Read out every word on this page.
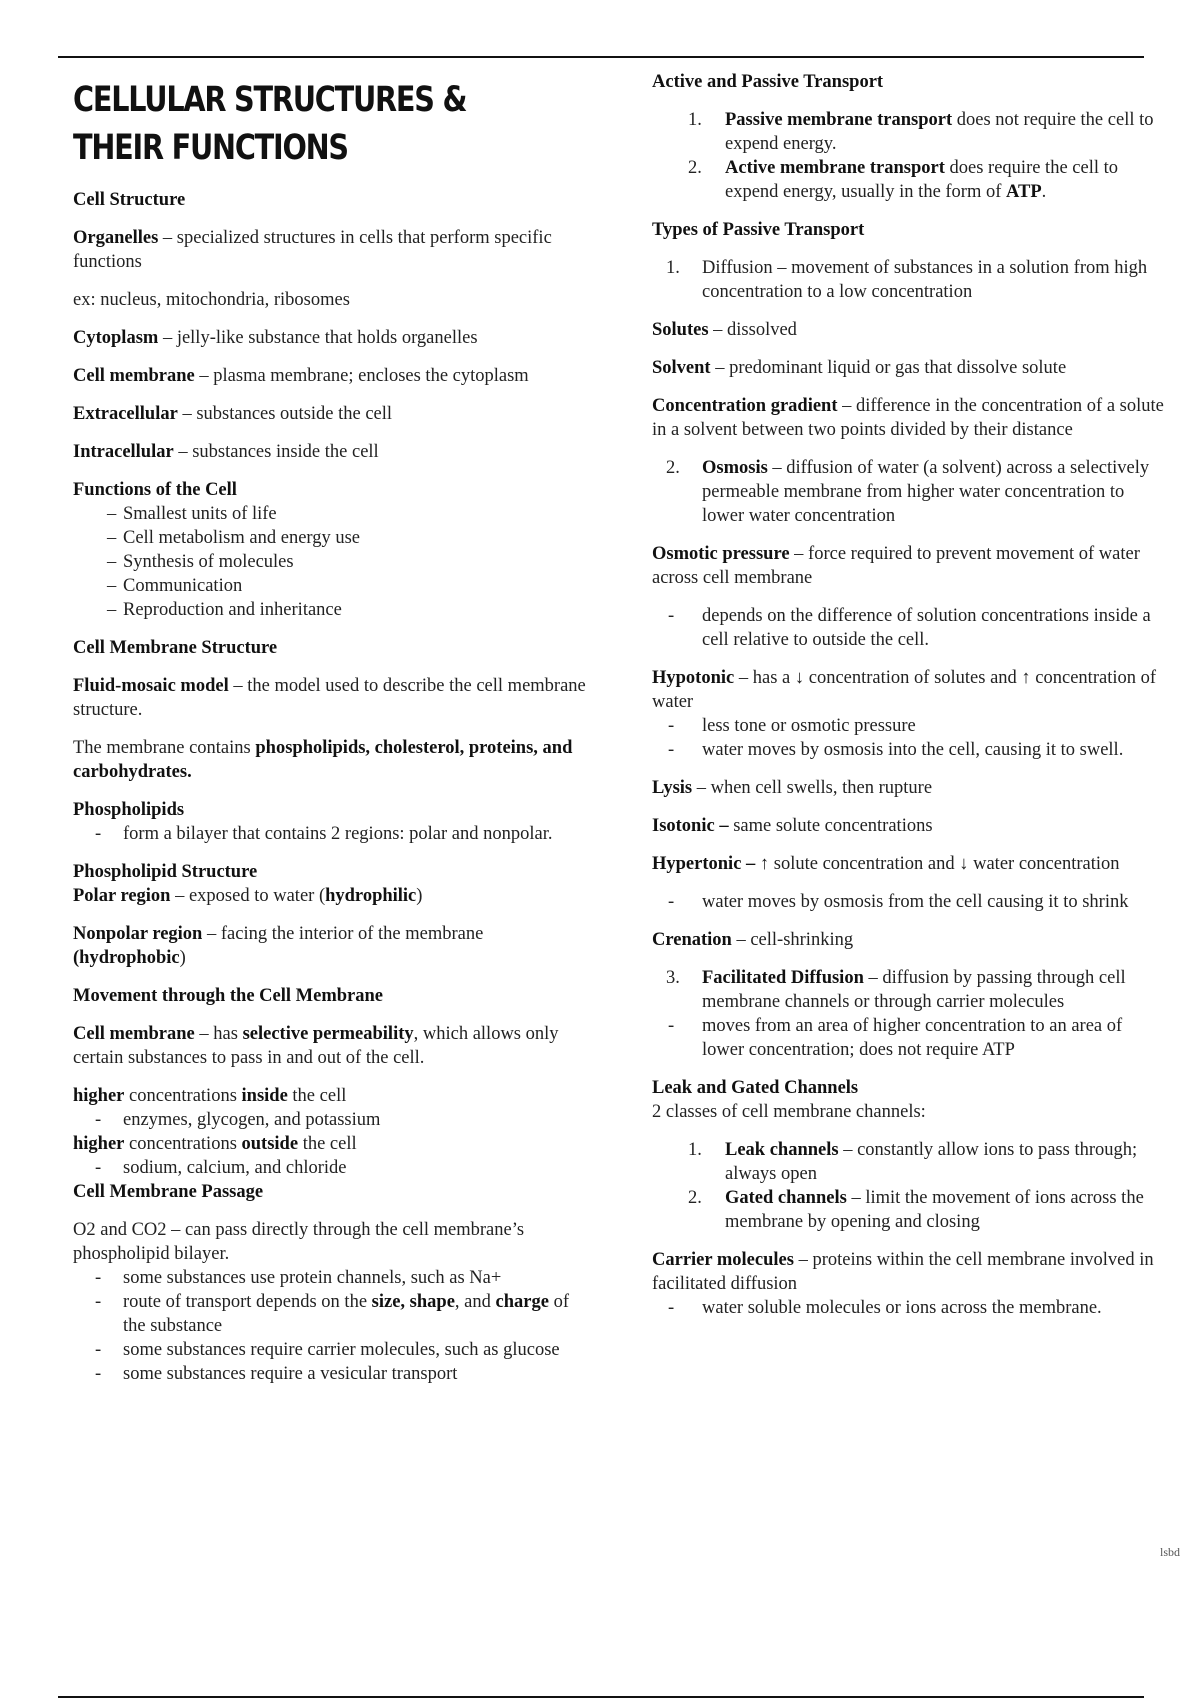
CELLULAR STRUCTURES &
THEIR FUNCTIONS

Cell Structure

Organelles – specialized structures in cells that perform specific functions

ex: nucleus, mitochondria, ribosomes

Cytoplasm – jelly-like substance that holds organelles

Cell membrane – plasma membrane; encloses the cytoplasm

Extracellular – substances outside the cell

Intracellular – substances inside the cell

Functions of the Cell

– Smallest units of life
– Cell metabolism and energy use
– Synthesis of molecules
– Communication
– Reproduction and inheritance

Cell Membrane Structure

Fluid-mosaic model – the model used to describe the cell membrane structure.

The membrane contains phospholipids, cholesterol, proteins, and carbohydrates.

Phospholipids

- form a bilayer that contains 2 regions: polar and nonpolar.

Phospholipid Structure

Polar region – exposed to water (hydrophilic)

Nonpolar region – facing the interior of the membrane (hydrophobic)

Movement through the Cell Membrane

Cell membrane – has selective permeability, which allows only certain substances to pass in and out of the cell.

higher concentrations inside the cell

- enzymes, glycogen, and potassium

higher concentrations outside the cell

- sodium, calcium, and chloride

Cell Membrane Passage

O2 and CO2 – can pass directly through the cell membrane’s phospholipid bilayer.

- some substances use protein channels, such as Na+
- route of transport depends on the size, shape, and charge of the substance
- some substances require carrier molecules, such as glucose
- some substances require a vesicular transport

Active and Passive Transport

1. Passive membrane transport does not require the cell to expend energy.
2. Active membrane transport does require the cell to expend energy, usually in the form of ATP.

Types of Passive Transport

1. Diffusion – movement of substances in a solution from high concentration to a low concentration

Solutes – dissolved

Solvent – predominant liquid or gas that dissolve solute

Concentration gradient – difference in the concentration of a solute in a solvent between two points divided by their distance

2. Osmosis – diffusion of water (a solvent) across a selectively permeable membrane from higher water concentration to lower water concentration

Osmotic pressure – force required to prevent movement of water across cell membrane

- depends on the difference of solution concentrations inside a cell relative to outside the cell.

Hypotonic – has a ↓ concentration of solutes and ↑ concentration of water

- less tone or osmotic pressure
- water moves by osmosis into the cell, causing it to swell.

Lysis – when cell swells, then rupture

Isotonic – same solute concentrations

Hypertonic – ↑ solute concentration and ↓ water concentration

- water moves by osmosis from the cell causing it to shrink

Crenation – cell-shrinking

3. Facilitated Diffusion – diffusion by passing through cell membrane channels or through carrier molecules
- moves from an area of higher concentration to an area of lower concentration; does not require ATP

Leak and Gated Channels

2 classes of cell membrane channels:

1. Leak channels – constantly allow ions to pass through; always open
2. Gated channels – limit the movement of ions across the membrane by opening and closing

Carrier molecules – proteins within the cell membrane involved in facilitated diffusion

- water soluble molecules or ions across the membrane.
lsbd
